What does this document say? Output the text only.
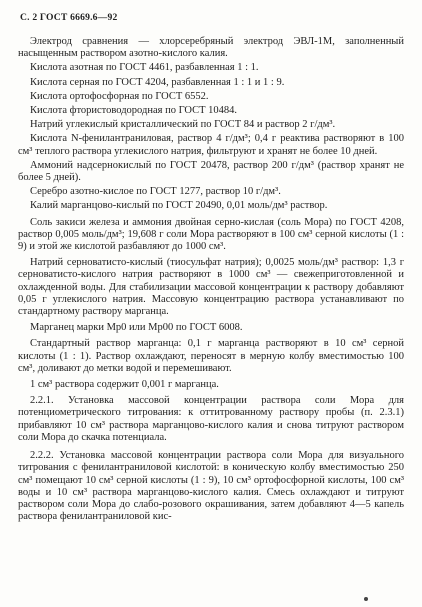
С. 2 ГОСТ 6669.6—92

Электрод сравнения — хлорсеребряный электрод ЭВЛ-1М, заполненный насыщенным раствором азотно-кислого калия.

Кислота азотная по ГОСТ 4461, разбавленная 1 : 1.

Кислота серная по ГОСТ 4204, разбавленная 1 : 1 и 1 : 9.

Кислота ортофосфорная по ГОСТ 6552.

Кислота фтористоводородная по ГОСТ 10484.

Натрий углекислый кристаллический по ГОСТ 84 и раствор 2 г/дм³.

Кислота N-фенилантраниловая, раствор 4 г/дм³; 0,4 г реактива растворяют в 100 см³ теплого раствора углекислого натрия, фильтруют и хранят не более 10 дней.

Аммоний надсернокислый по ГОСТ 20478, раствор 200 г/дм³ (раствор хранят не более 5 дней).

Серебро азотно-кислое по ГОСТ 1277, раствор 10 г/дм³.

Калий марганцово-кислый по ГОСТ 20490, 0,01 моль/дм³ раствор.

Соль закиси железа и аммония двойная серно-кислая (соль Мора) по ГОСТ 4208, раствор 0,005 моль/дм³; 19,608 г соли Мора растворяют в 100 см³ серной кислоты (1 : 9) и этой же кислотой разбавляют до 1000 см³.

Натрий серноватисто-кислый (тиосульфат натрия); 0,0025 моль/дм³ раствор: 1,3 г серноватисто-кислого натрия растворяют в 1000 см³ — свежеприготовленной и охлажденной воды. Для стабилизации массовой концентрации к раствору добавляют 0,05 г углекислого натрия. Массовую концентрацию раствора устанавливают по стандартному раствору марганца.

Марганец марки Мр0 или Мр00 по ГОСТ 6008.

Стандартный раствор марганца: 0,1 г марганца растворяют в 10 см³ серной кислоты (1 : 1). Раствор охлаждают, переносят в мерную колбу вместимостью 100 см³, доливают до метки водой и перемешивают.

1 см³ раствора содержит 0,001 г марганца.

2.2.1. Установка массовой концентрации раствора соли Мора для потенциометрического титрования: к оттитрованному раствору пробы (п. 2.3.1) прибавляют 10 см³ раствора марганцово-кислого калия и снова титруют раствором соли Мора до скачка потенциала.

2.2.2. Установка массовой концентрации раствора соли Мора для визуального титрования с фенилантраниловой кислотой: в коническую колбу вместимостью 250 см³ помещают 10 см³ серной кислоты (1 : 9), 10 см³ ортофосфорной кислоты, 100 см³ воды и 10 см³ раствора марганцово-кислого калия. Смесь охлаждают и титруют раствором соли Мора до слабо-розового окрашивания, затем добавляют 4—5 капель раствора фенилантраниловой кис-
